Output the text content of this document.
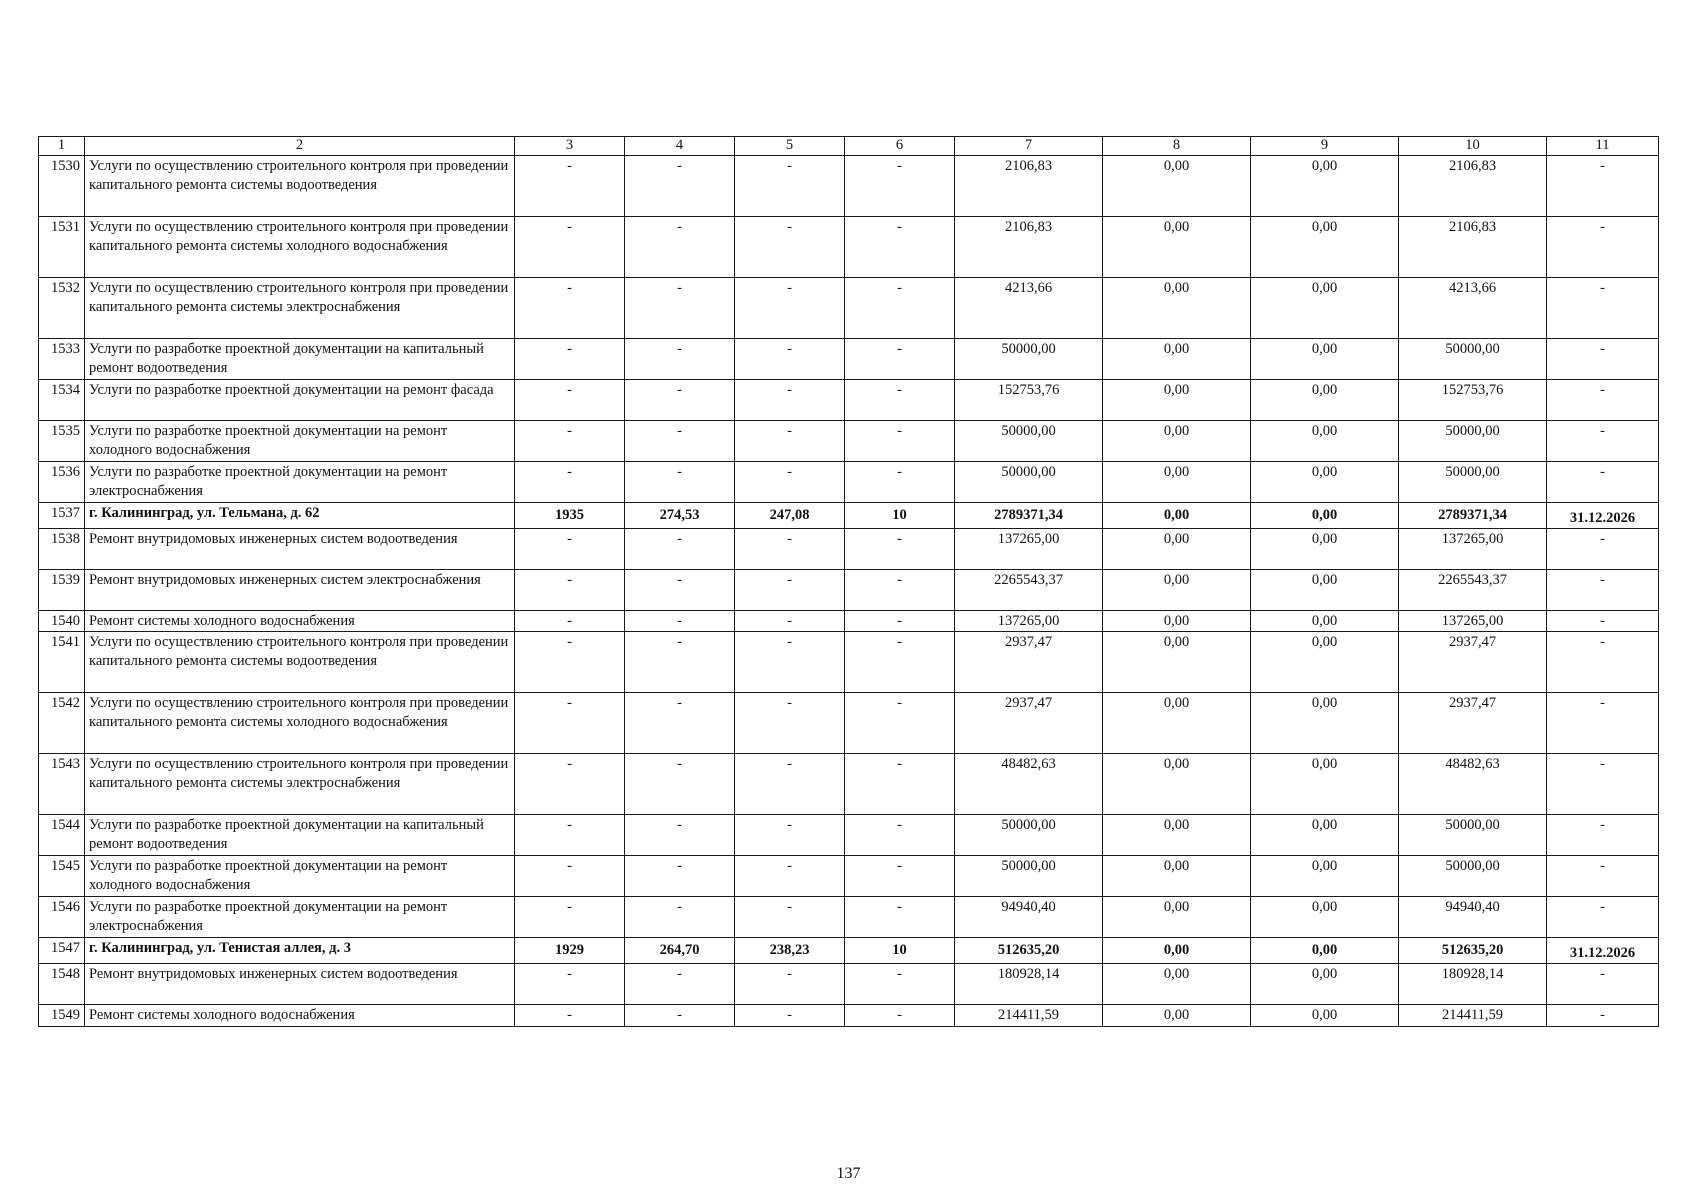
1	2	3	4	5	6	7	8	9	10	11
1530	Услуги по осуществлению строительного контроля при проведении капитального ремонта системы водоотведения	-	-	-	-	2106,83	0,00	0,00	2106,83	-
1531	Услуги по осуществлению строительного контроля при проведении капитального ремонта системы холодного водоснабжения	-	-	-	-	2106,83	0,00	0,00	2106,83	-
1532	Услуги по осуществлению строительного контроля при проведении капитального ремонта системы электроснабжения	-	-	-	-	4213,66	0,00	0,00	4213,66	-
1533	Услуги по разработке проектной документации на капитальный ремонт водоотведения	-	-	-	-	50000,00	0,00	0,00	50000,00	-
1534	Услуги по разработке проектной документации на ремонт фасада	-	-	-	-	152753,76	0,00	0,00	152753,76	-
1535	Услуги по разработке проектной документации на ремонт холодного водоснабжения	-	-	-	-	50000,00	0,00	0,00	50000,00	-
1536	Услуги по разработке проектной документации на ремонт электроснабжения	-	-	-	-	50000,00	0,00	0,00	50000,00	-
1537	г. Калининград, ул. Тельмана, д. 62	1935	274,53	247,08	10	2789371,34	0,00	0,00	2789371,34	31.12.2026
1538	Ремонт внутридомовых инженерных систем водоотведения	-	-	-	-	137265,00	0,00	0,00	137265,00	-
1539	Ремонт внутридомовых инженерных систем электроснабжения	-	-	-	-	2265543,37	0,00	0,00	2265543,37	-
1540	Ремонт системы холодного водоснабжения	-	-	-	-	137265,00	0,00	0,00	137265,00	-
1541	Услуги по осуществлению строительного контроля при проведении капитального ремонта системы водоотведения	-	-	-	-	2937,47	0,00	0,00	2937,47	-
1542	Услуги по осуществлению строительного контроля при проведении капитального ремонта системы холодного водоснабжения	-	-	-	-	2937,47	0,00	0,00	2937,47	-
1543	Услуги по осуществлению строительного контроля при проведении капитального ремонта системы электроснабжения	-	-	-	-	48482,63	0,00	0,00	48482,63	-
1544	Услуги по разработке проектной документации на капитальный ремонт водоотведения	-	-	-	-	50000,00	0,00	0,00	50000,00	-
1545	Услуги по разработке проектной документации на ремонт холодного водоснабжения	-	-	-	-	50000,00	0,00	0,00	50000,00	-
1546	Услуги по разработке проектной документации на ремонт электроснабжения	-	-	-	-	94940,40	0,00	0,00	94940,40	-
1547	г. Калининград, ул. Тенистая аллея, д. 3	1929	264,70	238,23	10	512635,20	0,00	0,00	512635,20	31.12.2026
1548	Ремонт внутридомовых инженерных систем водоотведения	-	-	-	-	180928,14	0,00	0,00	180928,14	-
1549	Ремонт системы холодного водоснабжения	-	-	-	-	214411,59	0,00	0,00	214411,59	-
137
